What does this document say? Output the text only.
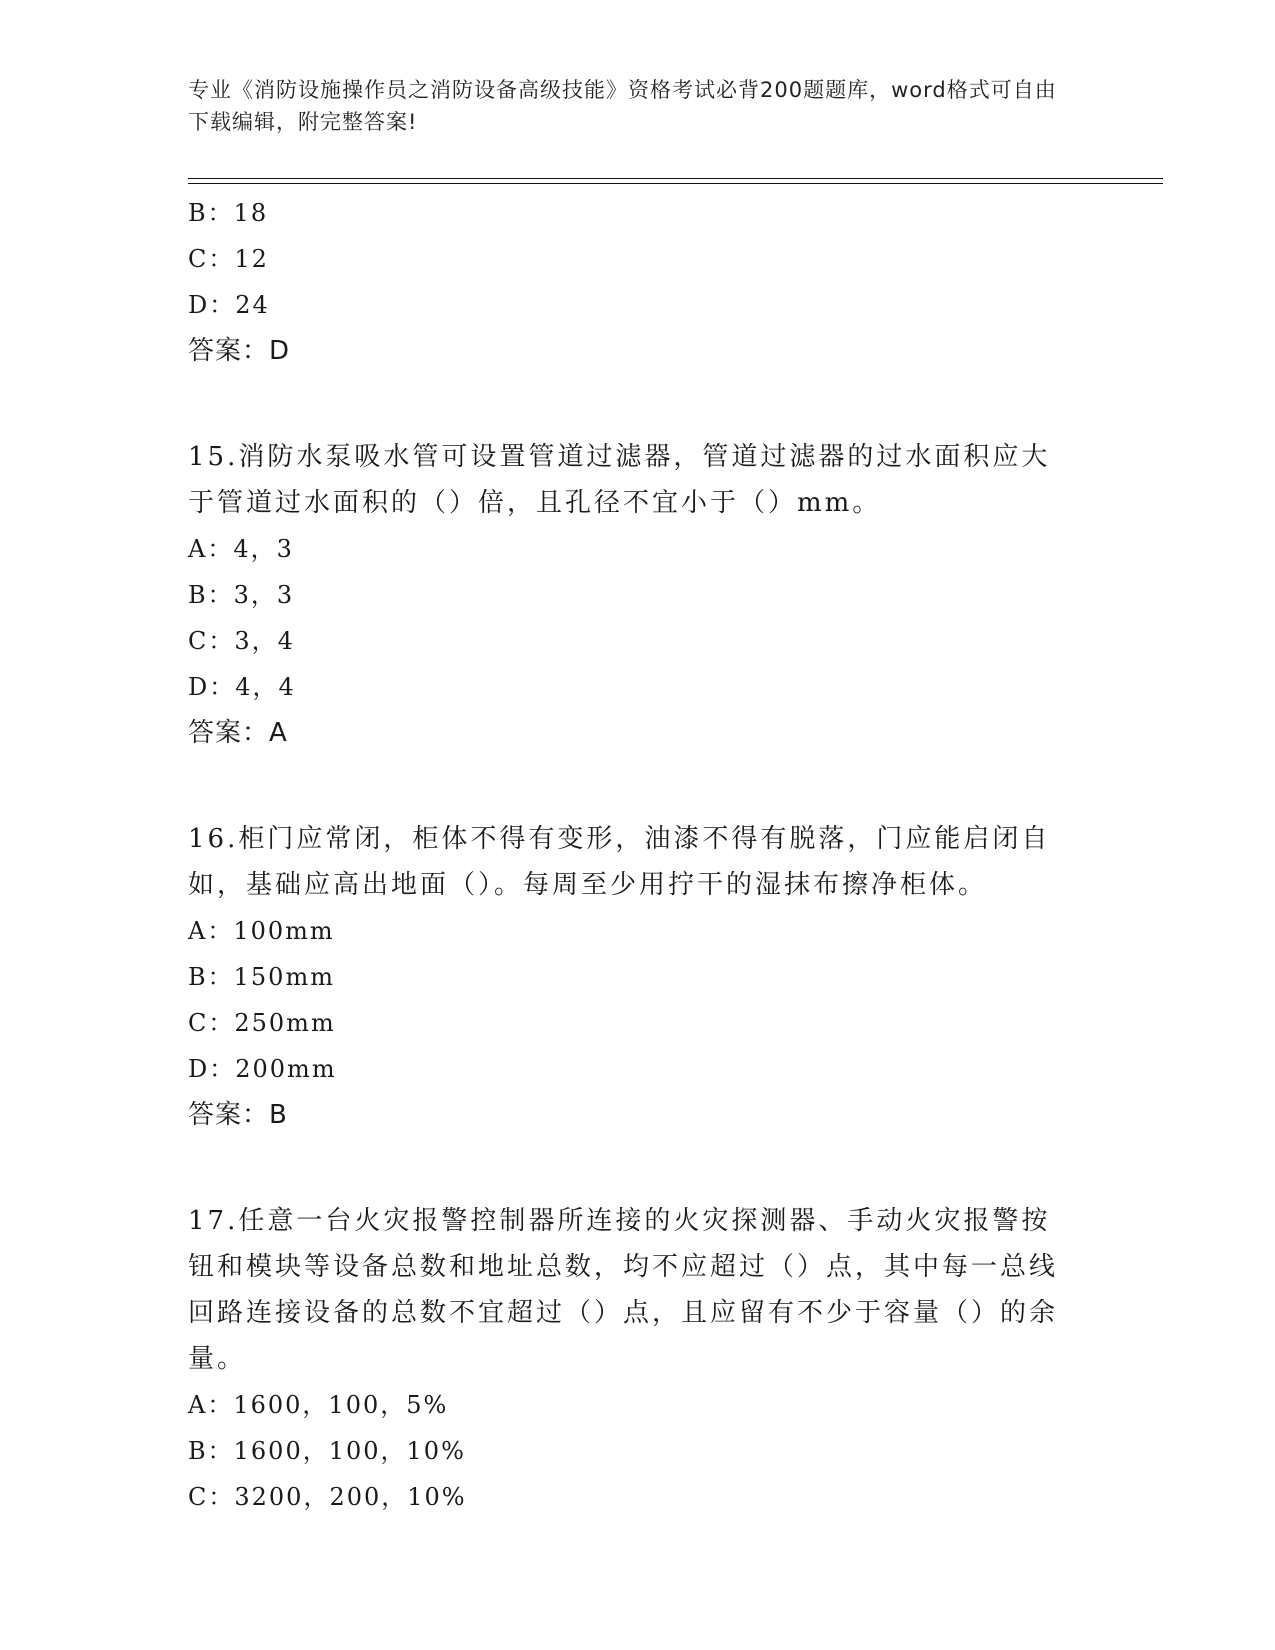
专业《消防设施操作员之消防设备高级技能》资格考试必背200题题库，word格式可自由下载编辑，附完整答案!
B：18
C：12
D：24
答案：D
15.消防水泵吸水管可设置管道过滤器，管道过滤器的过水面积应大于管道过水面积的（）倍，且孔径不宜小于（）mm。
A：4，3
B：3，3
C：3，4
D：4，4
答案：A
16.柜门应常闭，柜体不得有变形，油漆不得有脱落，门应能启闭自如，基础应高出地面（）。每周至少用拧干的湿抹布擦净柜体。
A：100mm
B：150mm
C：250mm
D：200mm
答案：B
17.任意一台火灾报警控制器所连接的火灾探测器、手动火灾报警按钮和模块等设备总数和地址总数，均不应超过（）点，其中每一总线回路连接设备的总数不宜超过（）点，且应留有不少于容量（）的余量。
A：1600，100，5%
B：1600，100，10%
C：3200，200，10%
